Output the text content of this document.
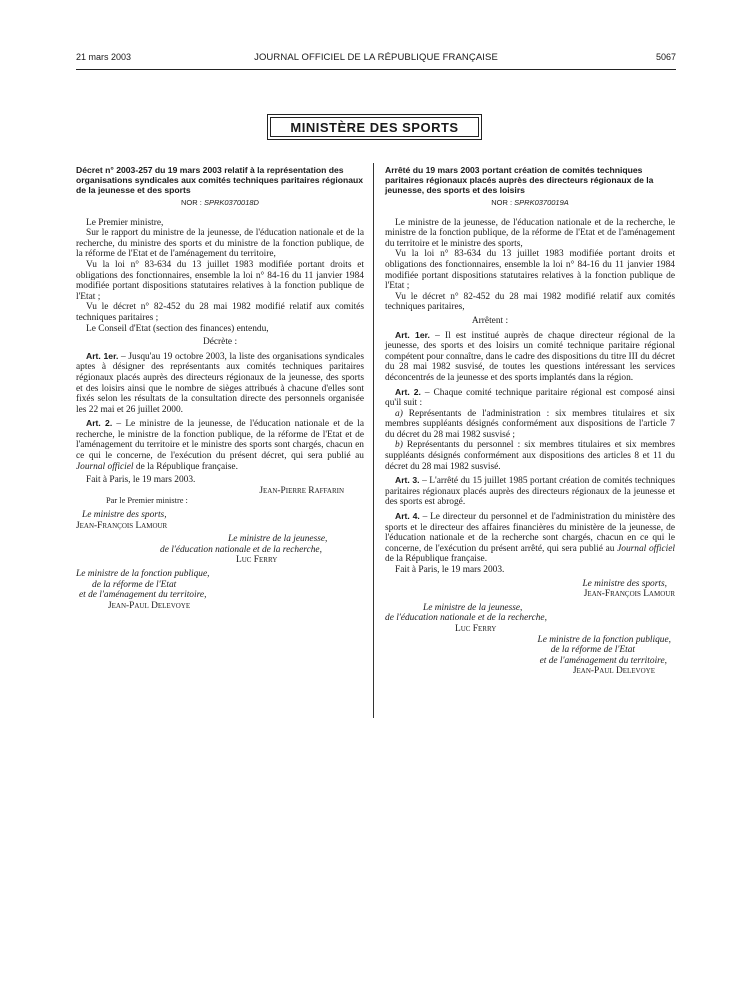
21 mars 2003	JOURNAL OFFICIEL DE LA RÉPUBLIQUE FRANÇAISE	5067
MINISTÈRE DES SPORTS
Décret n° 2003-257 du 19 mars 2003 relatif à la représentation des organisations syndicales aux comités techniques paritaires régionaux de la jeunesse et des sports
NOR : SPRK0370018D

Le Premier ministre,

Sur le rapport du ministre de la jeunesse, de l'éducation nationale et de la recherche, du ministre des sports et du ministre de la fonction publique, de la réforme de l'Etat et de l'aménagement du territoire,

Vu la loi n° 83-634 du 13 juillet 1983 modifiée portant droits et obligations des fonctionnaires, ensemble la loi n° 84-16 du 11 janvier 1984 modifiée portant dispositions statutaires relatives à la fonction publique de l'Etat ;

Vu le décret n° 82-452 du 28 mai 1982 modifié relatif aux comités techniques paritaires ;

Le Conseil d'Etat (section des finances) entendu,

Décrète :

Art. 1er. – Jusqu'au 19 octobre 2003, la liste des organisations syndicales aptes à désigner des représentants aux comités techniques paritaires régionaux placés auprès des directeurs régionaux de la jeunesse, des sports et des loisirs ainsi que le nombre de sièges attribués à chacune d'elles sont fixés selon les résultats de la consultation directe des personnels organisée les 22 mai et 26 juillet 2000.

Art. 2. – Le ministre de la jeunesse, de l'éducation nationale et de la recherche, le ministre de la fonction publique, de la réforme de l'Etat et de l'aménagement du territoire et le ministre des sports sont chargés, chacun en ce qui le concerne, de l'exécution du présent décret, qui sera publié au Journal officiel de la République française.

Fait à Paris, le 19 mars 2003.

Jean-Pierre Raffarin

Par le Premier ministre :

Le ministre des sports,

Jean-François Lamour

Le ministre de la jeunesse,

de l'éducation nationale et de la recherche,

Luc Ferry

Le ministre de la fonction publique,

de la réforme de l'Etat

et de l'aménagement du territoire,

Jean-Paul Delevoye

Arrêté du 19 mars 2003 portant création de comités techniques paritaires régionaux placés auprès des directeurs régionaux de la jeunesse, des sports et des loisirs
NOR : SPRK0370019A

Le ministre de la jeunesse, de l'éducation nationale et de la recherche, le ministre de la fonction publique, de la réforme de l'Etat et de l'aménagement du territoire et le ministre des sports,

Vu la loi n° 83-634 du 13 juillet 1983 modifiée portant droits et obligations des fonctionnaires, ensemble la loi n° 84-16 du 11 janvier 1984 modifiée portant dispositions statutaires relatives à la fonction publique de l'Etat ;

Vu le décret n° 82-452 du 28 mai 1982 modifié relatif aux comités techniques paritaires,

Arrêtent :

Art. 1er. – Il est institué auprès de chaque directeur régional de la jeunesse, des sports et des loisirs un comité technique paritaire régional compétent pour connaître, dans le cadre des dispositions du titre III du décret du 28 mai 1982 susvisé, de toutes les questions intéressant les services déconcentrés de la jeunesse et des sports implantés dans la région.

Art. 2. – Chaque comité technique paritaire régional est composé ainsi qu'il suit :

a) Représentants de l'administration : six membres titulaires et six membres suppléants désignés conformément aux dispositions de l'article 7 du décret du 28 mai 1982 susvisé ;

b) Représentants du personnel : six membres titulaires et six membres suppléants désignés conformément aux dispositions des articles 8 et 11 du décret du 28 mai 1982 susvisé.

Art. 3. – L'arrêté du 15 juillet 1985 portant création de comités techniques paritaires régionaux placés auprès des directeurs régionaux de la jeunesse et des sports est abrogé.

Art. 4. – Le directeur du personnel et de l'administration du ministère des sports et le directeur des affaires financières du ministère de la jeunesse, de l'éducation nationale et de la recherche sont chargés, chacun en ce qui le concerne, de l'exécution du présent arrêté, qui sera publié au Journal officiel de la République française.

Fait à Paris, le 19 mars 2003.

Le ministre des sports,

Jean-François Lamour

Le ministre de la jeunesse,

de l'éducation nationale et de la recherche,

Luc Ferry

Le ministre de la fonction publique,

de la réforme de l'Etat

et de l'aménagement du territoire,

Jean-Paul Delevoye
